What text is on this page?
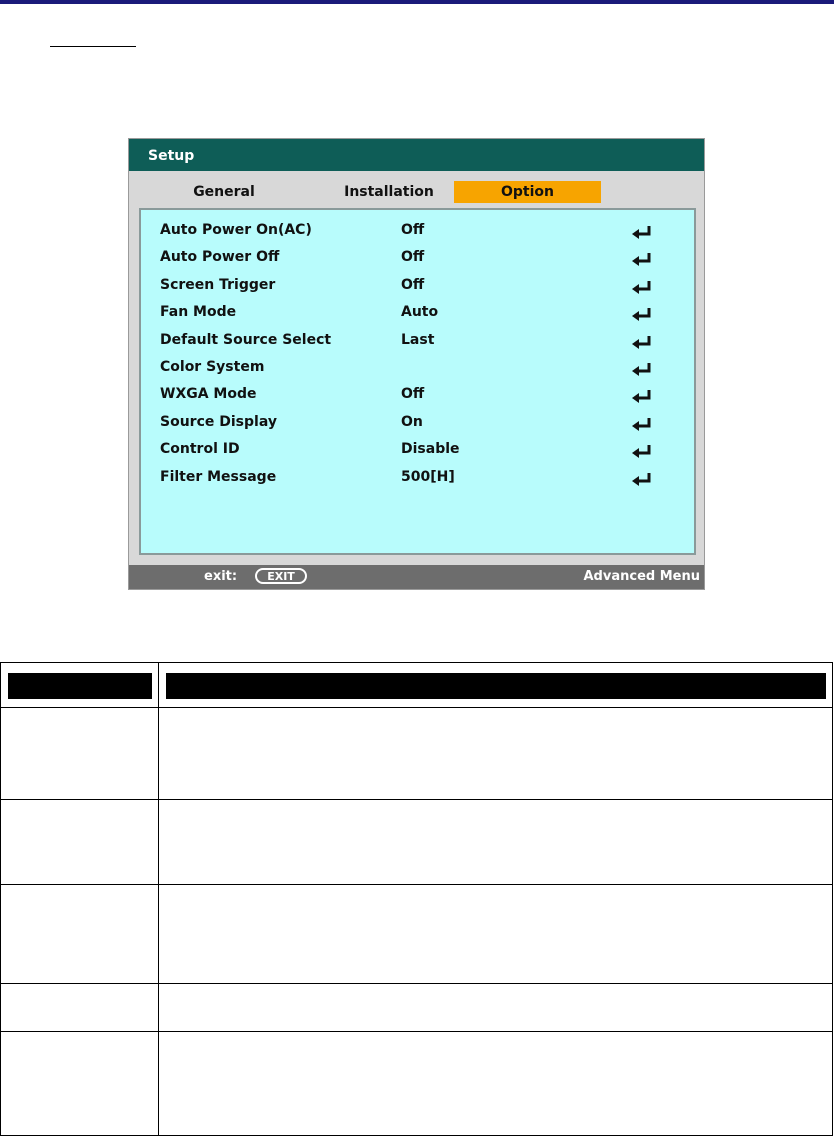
Setup
General	Installation	Option
Auto Power On(AC)	Off
Auto Power Off	Off
Screen Trigger	Off
Fan Mode	Auto
Default Source Select	Last
Color System
WXGA Mode	Off
Source Display	On
Control ID	Disable
Filter Message	500[H]
exit:	EXIT	Advanced Menu
